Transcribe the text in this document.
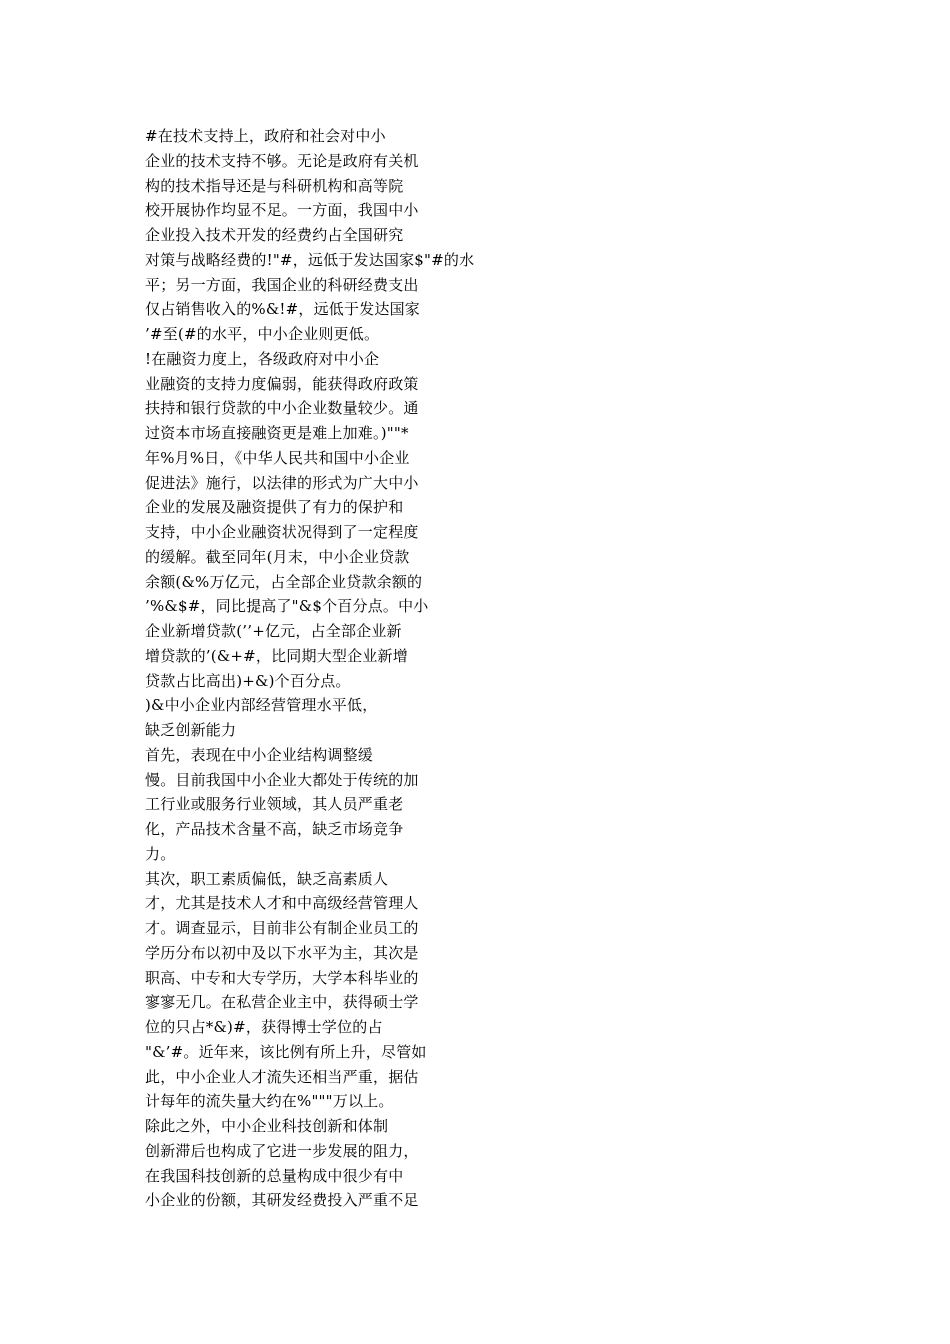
#在技术支持上，政府和社会对中小
企业的技术支持不够。无论是政府有关机
构的技术指导还是与科研机构和高等院
校开展协作均显不足。一方面，我国中小
企业投入技术开发的经费约占全国研究
对策与战略经费的!"#，远低于发达国家$"#的水
平；另一方面，我国企业的科研经费支出
仅占销售收入的%&!#，远低于发达国家
’#至(#的水平，中小企业则更低。
!在融资力度上，各级政府对中小企
业融资的支持力度偏弱，能获得政府政策
扶持和银行贷款的中小企业数量较少。通
过资本市场直接融资更是难上加难。)""*
年%月%日，《中华人民共和国中小企业
促进法》施行，以法律的形式为广大中小
企业的发展及融资提供了有力的保护和
支持，中小企业融资状况得到了一定程度
的缓解。截至同年(月末，中小企业贷款
余额(&%万亿元，占全部企业贷款余额的
’%&$#，同比提高了"&$个百分点。中小
企业新增贷款(’’+亿元，占全部企业新
增贷款的’(&+#，比同期大型企业新增
贷款占比高出)+&)个百分点。
)&中小企业内部经营管理水平低，
缺乏创新能力
首先，表现在中小企业结构调整缓
慢。目前我国中小企业大都处于传统的加
工行业或服务行业领域，其人员严重老
化，产品技术含量不高，缺乏市场竞争
力。
其次，职工素质偏低，缺乏高素质人
才，尤其是技术人才和中高级经营管理人
才。调查显示，目前非公有制企业员工的
学历分布以初中及以下水平为主，其次是
职高、中专和大专学历，大学本科毕业的
寥寥无几。在私营企业主中，获得硕士学
位的只占*&)#，获得博士学位的占
"&’#。近年来，该比例有所上升，尽管如
此，中小企业人才流失还相当严重，据估
计每年的流失量大约在%"""万以上。
除此之外，中小企业科技创新和体制
创新滞后也构成了它进一步发展的阻力，
在我国科技创新的总量构成中很少有中
小企业的份额，其研发经费投入严重不足
